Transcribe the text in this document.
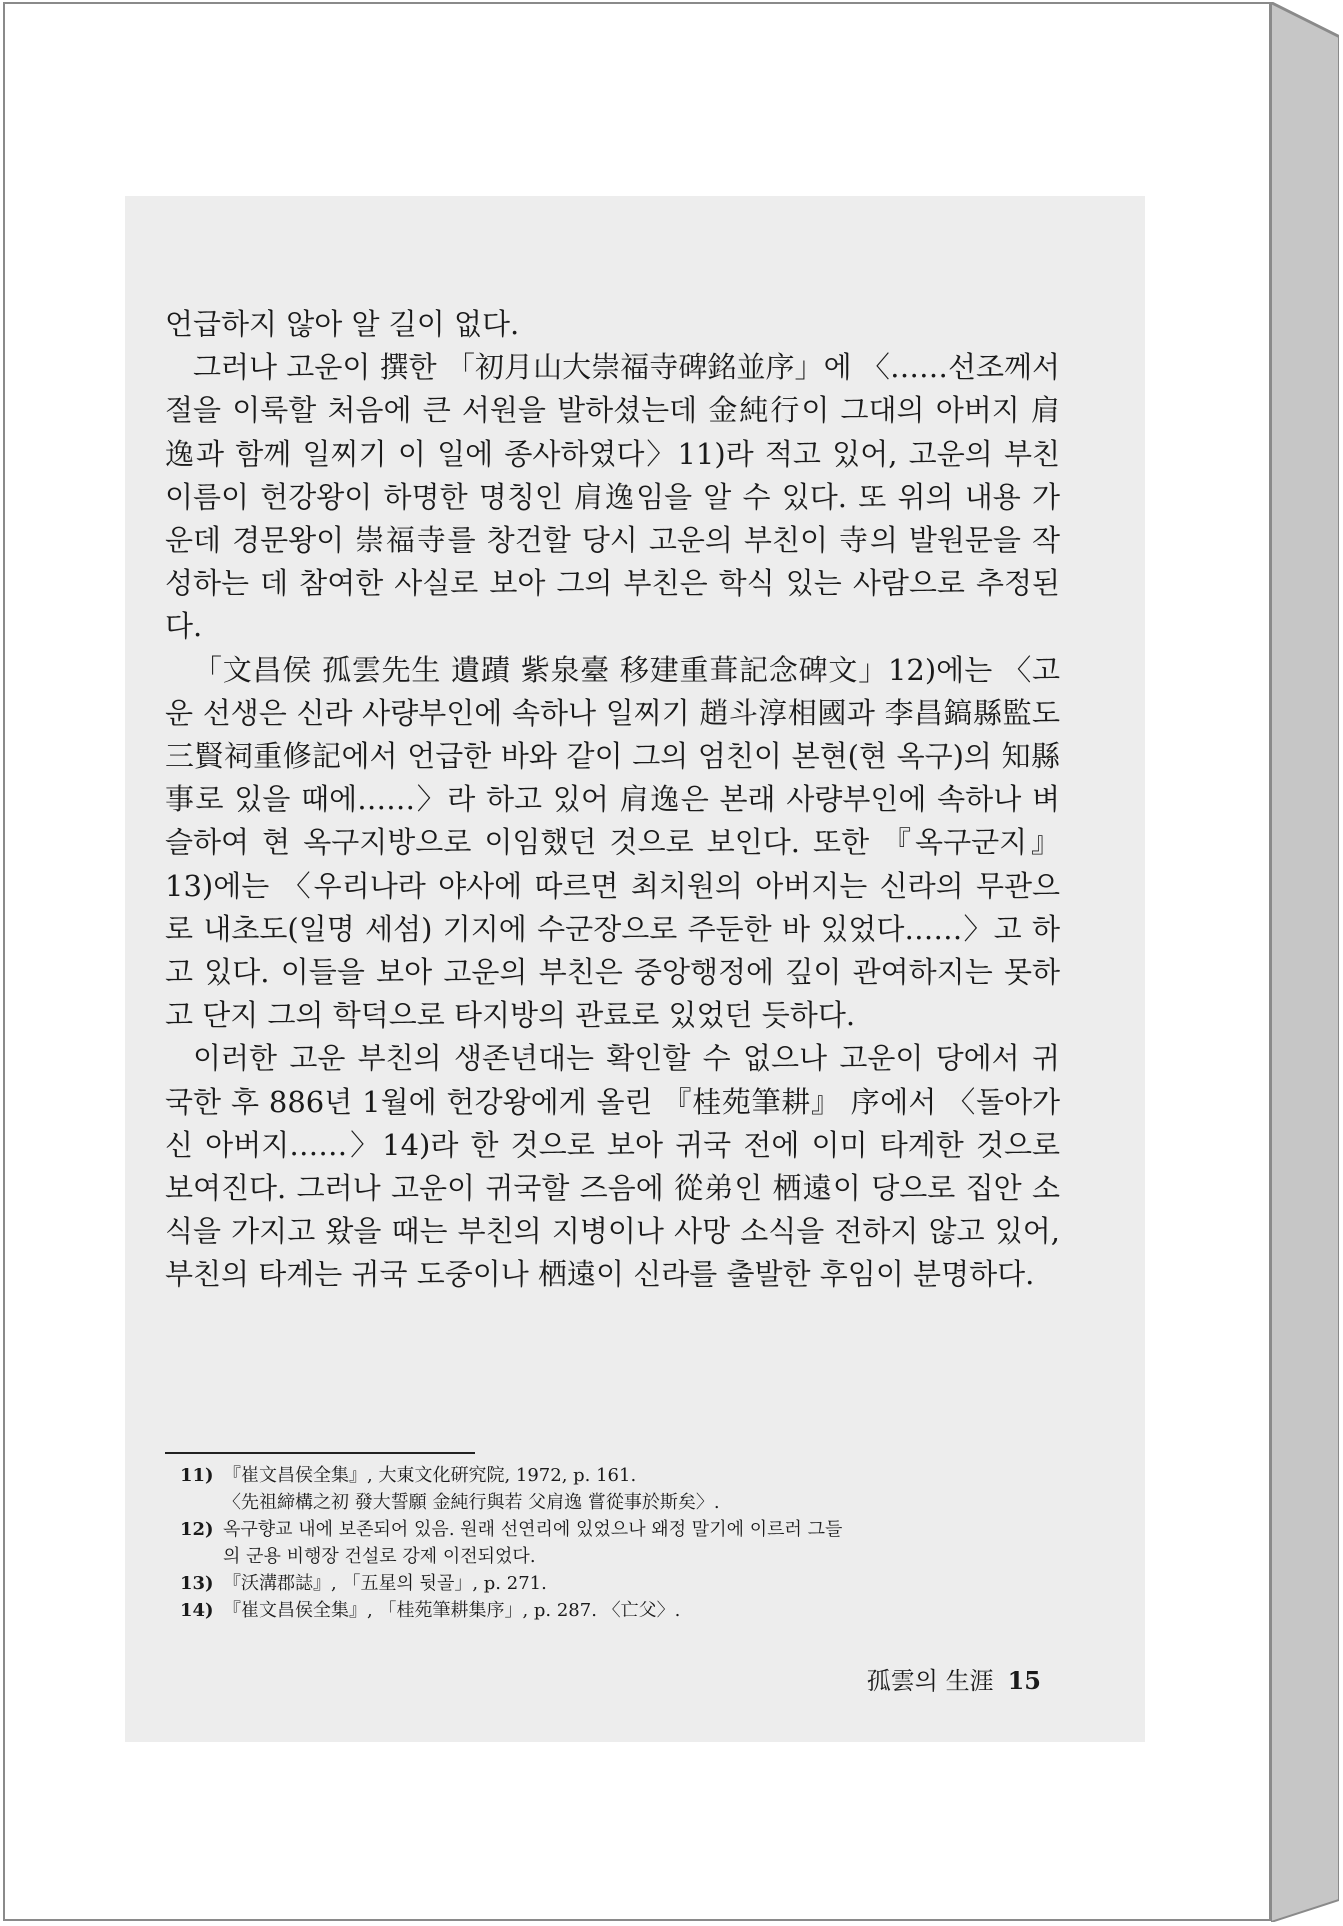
언급하지 않아 알 길이 없다.

그러나 고운이 撰한 「初月山大崇福寺碑銘並序」에 〈……선조께서 절을 이룩할 처음에 큰 서원을 발하셨는데 金純行이 그대의 아버지 肩逸과 함께 일찌기 이 일에 종사하였다〉11)라 적고 있어, 고운의 부친 이름이 헌강왕이 하명한 명칭인 肩逸임을 알 수 있다. 또 위의 내용 가운데 경문왕이 崇福寺를 창건할 당시 고운의 부친이 寺의 발원문을 작성하는 데 참여한 사실로 보아 그의 부친은 학식 있는 사람으로 추정된다.

「文昌侯 孤雲先生 遺蹟 紫泉臺 移建重葺記念碑文」12)에는 〈고운 선생은 신라 사량부인에 속하나 일찌기 趙斗淳相國과 李昌鎬縣監도 三賢祠重修記에서 언급한 바와 같이 그의 엄친이 본현(현 옥구)의 知縣事로 있을 때에……〉라 하고 있어 肩逸은 본래 사량부인에 속하나 벼슬하여 현 옥구지방으로 이임했던 것으로 보인다. 또한 『옥구군지』13)에는 〈우리나라 야사에 따르면 최치원의 아버지는 신라의 무관으로 내초도(일명 세섬) 기지에 수군장으로 주둔한 바 있었다……〉고 하고 있다. 이들을 보아 고운의 부친은 중앙행정에 깊이 관여하지는 못하고 단지 그의 학덕으로 타지방의 관료로 있었던 듯하다.

이러한 고운 부친의 생존년대는 확인할 수 없으나 고운이 당에서 귀국한 후 886년 1월에 헌강왕에게 올린 『桂苑筆耕』 序에서 〈돌아가신 아버지……〉14)라 한 것으로 보아 귀국 전에 이미 타계한 것으로 보여진다. 그러나 고운이 귀국할 즈음에 從弟인 栖遠이 당으로 집안 소식을 가지고 왔을 때는 부친의 지병이나 사망 소식을 전하지 않고 있어, 부친의 타계는 귀국 도중이나 栖遠이 신라를 출발한 후임이 분명하다.

11) 『崔文昌侯全集』, 大東文化硏究院, 1972, p. 161.
〈先祖締構之初 發大誓願 金純行與若 父肩逸 嘗從事於斯矣〉.
12) 옥구향교 내에 보존되어 있음. 원래 선연리에 있었으나 왜정 말기에 이르러 그들
의 군용 비행장 건설로 강제 이전되었다.
13) 『沃溝郡誌』, 「五星의 뒷골」, p. 271.
14) 『崔文昌侯全集』, 「桂苑筆耕集序」, p. 287. 〈亡父〉.
孤雲의 生涯 15
